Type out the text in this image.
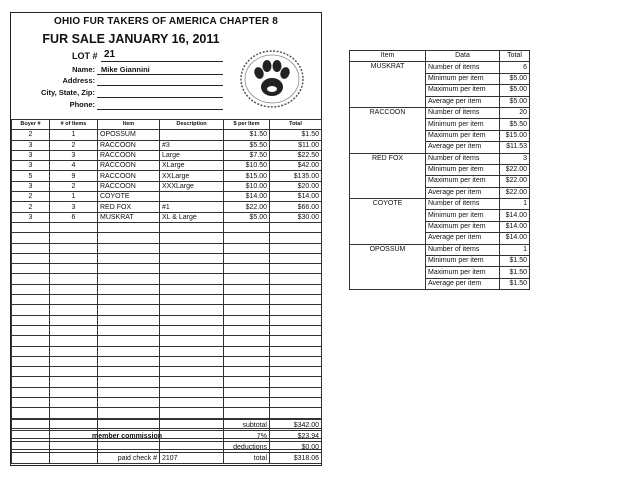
OHIO FUR TAKERS OF AMERICA CHAPTER 8
FUR SALE JANUARY 16, 2011
LOT # 21
Name: Mike Giannini
Address:
City, State, Zip:
Phone:
Buyer #	# of Items	Item	Description	$ per Item	Total
2	1	OPOSSUM		$1.50	$1.50
3	2	RACCOON	#3	$5.50	$11.00
3	3	RACCOON	Large	$7.50	$22.50
3	4	RACCOON	XLarge	$10.50	$42.00
5	9	RACCOON	XXLarge	$15.00	$135.00
3	2	RACCOON	XXXLarge	$10.00	$20.00
2	1	COYOTE		$14.00	$14.00
2	3	RED FOX	#1	$22.00	$66.00
3	6	MUSKRAT	XL & Large	$5.00	$30.00

				subtotal	$342.00
	member commission			7%	$23.94
				deductions	$0.00
		paid check #	2107	total	$318.06
Item	Data	Total
MUSKRAT	Number of items	6
	Minimum per item	$5.00
	Maximum per item	$5.00
	Average per item	$5.00
RACCOON	Number of items	20
	Minimum per item	$5.50
	Maximum per item	$15.00
	Average per item	$11.53
RED FOX	Number of items	3
	Minimum per item	$22.00
	Maximum per item	$22.00
	Average per item	$22.00
COYOTE	Number of items	1
	Minimum per item	$14.00
	Maximum per item	$14.00
	Average per item	$14.00
OPOSSUM	Number of items	1
	Minimum per item	$1.50
	Maximum per item	$1.50
	Average per item	$1.50
